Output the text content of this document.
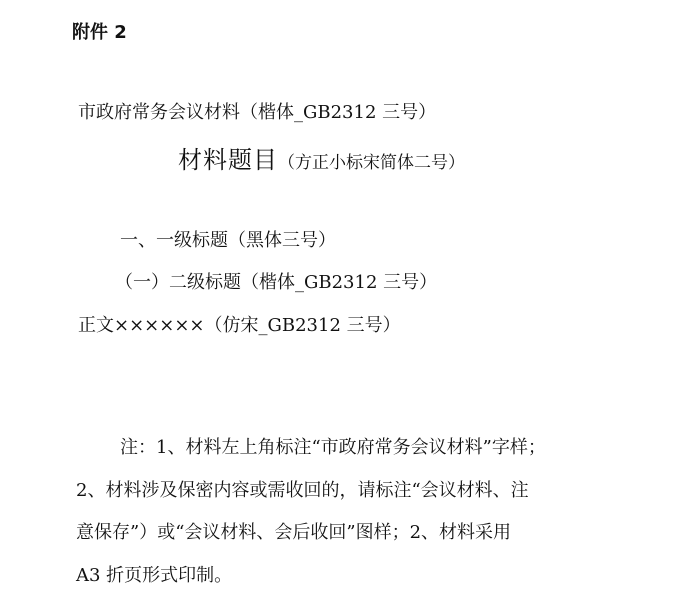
附件 2
市政府常务会议材料（楷体_GB2312 三号）
材料题目（方正小标宋简体二号）
一、一级标题（黑体三号）
（一）二级标题（楷体_GB2312 三号）
正文××××××（仿宋_GB2312 三号）
注：1、材料左上角标注“市政府常务会议材料”字样；
2、材料涉及保密内容或需收回的，请标注“会议材料、注
意保存”）或“会议材料、会后收回”图样；2、材料采用
A3 折页形式印制。
